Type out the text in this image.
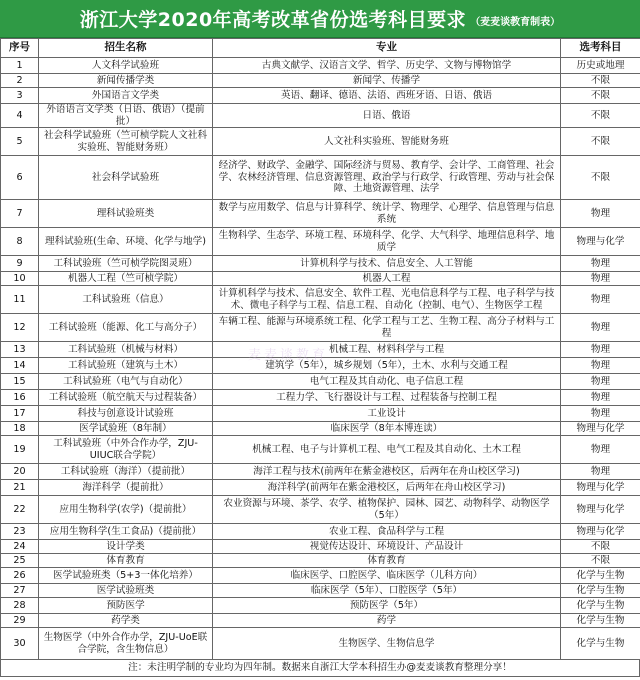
浙江大学2020年高考改革省份选考科目要求 （麦麦谈教育制表）
序号	招生名称	专业	选考科目
1	人文科学试验班	古典文献学、汉语言文学、哲学、历史学、文物与博物馆学	历史或地理
2	新闻传播学类	新闻学、传播学	不限
3	外国语言文学类	英语、翻译、德语、法语、西班牙语、日语、俄语	不限
4	外语语言文学类（日语、俄语）（提前批）	日语、俄语	不限
5	社会科学试验班（竺可桢学院人文社科实验班、智能财务班）	人文社科实验班、智能财务班	不限
6	社会科学试验班	经济学、财政学、金融学、国际经济与贸易、教育学、会计学、工商管理、社会学、农林经济管理、信息资源管理、政治学与行政学、行政管理、劳动与社会保障、土地资源管理、法学	不限
7	理科试验班类	数学与应用数学、信息与计算科学、统计学、物理学、心理学、信息管理与信息系统	物理
8	理科试验班(生命、环境、化学与地学)	生物科学、生态学、环境工程、环境科学、化学、大气科学、地理信息科学、地质学	物理与化学
9	工科试验班（竺可桢学院图灵班）	计算机科学与技术、信息安全、人工智能	物理
10	机器人工程（竺可桢学院）	机器人工程	物理
11	工科试验班（信息）	计算机科学与技术、信息安全、软件工程、光电信息科学与工程、电子科学与技术、微电子科学与工程、信息工程、自动化（控制、电气）、生物医学工程	物理
12	工科试验班（能源、化工与高分子）	车辆工程、能源与环境系统工程、化学工程与工艺、生物工程、高分子材料与工程	物理
13	工科试验班（机械与材料）	机械工程、材料科学与工程	物理
14	工科试验班（建筑与土木）	建筑学（5年），城乡规划（5年），土木、水利与交通工程	物理
15	工科试验班（电气与自动化）	电气工程及其自动化、电子信息工程	物理
16	工科试验班（航空航天与过程装备）	工程力学、飞行器设计与工程、过程装备与控制工程	物理
17	科技与创意设计试验班	工业设计	物理
18	医学试验班（8年制）	临床医学（8年本博连读）	物理与化学
19	工科试验班（中外合作办学，ZJU-UIUC联合学院）	机械工程、电子与计算机工程、电气工程及其自动化、土木工程	物理
20	工科试验班（海洋）（提前批）	海洋工程与技术(前两年在紫金港校区，后两年在舟山校区学习)	物理
21	海洋科学（提前批）	海洋科学(前两年在紫金港校区，后两年在舟山校区学习)	物理与化学
22	应用生物科学(农学)（提前批）	农业资源与环境、茶学、农学、植物保护、园林、园艺、动物科学、动物医学（5年）	物理与化学
23	应用生物科学(生工食品)（提前批）	农业工程、食品科学与工程	物理与化学
24	设计学类	视觉传达设计、环境设计、产品设计	不限
25	体育教育	体育教育	不限
26	医学试验班类（5+3一体化培养）	临床医学、口腔医学、临床医学（儿科方向）	化学与生物
27	医学试验班类	临床医学（5年）、口腔医学（5年）	化学与生物
28	预防医学	预防医学（5年）	化学与生物
29	药学类	药学	化学与生物
30	生物医学（中外合作办学，ZJU-UoE联合学院，含生物信息）	生物医学、生物信息学	化学与生物
注：未注明学制的专业均为四年制。数据来自浙江大学本科招生办@麦麦谈教育整理分享！
麦麦谈教育
